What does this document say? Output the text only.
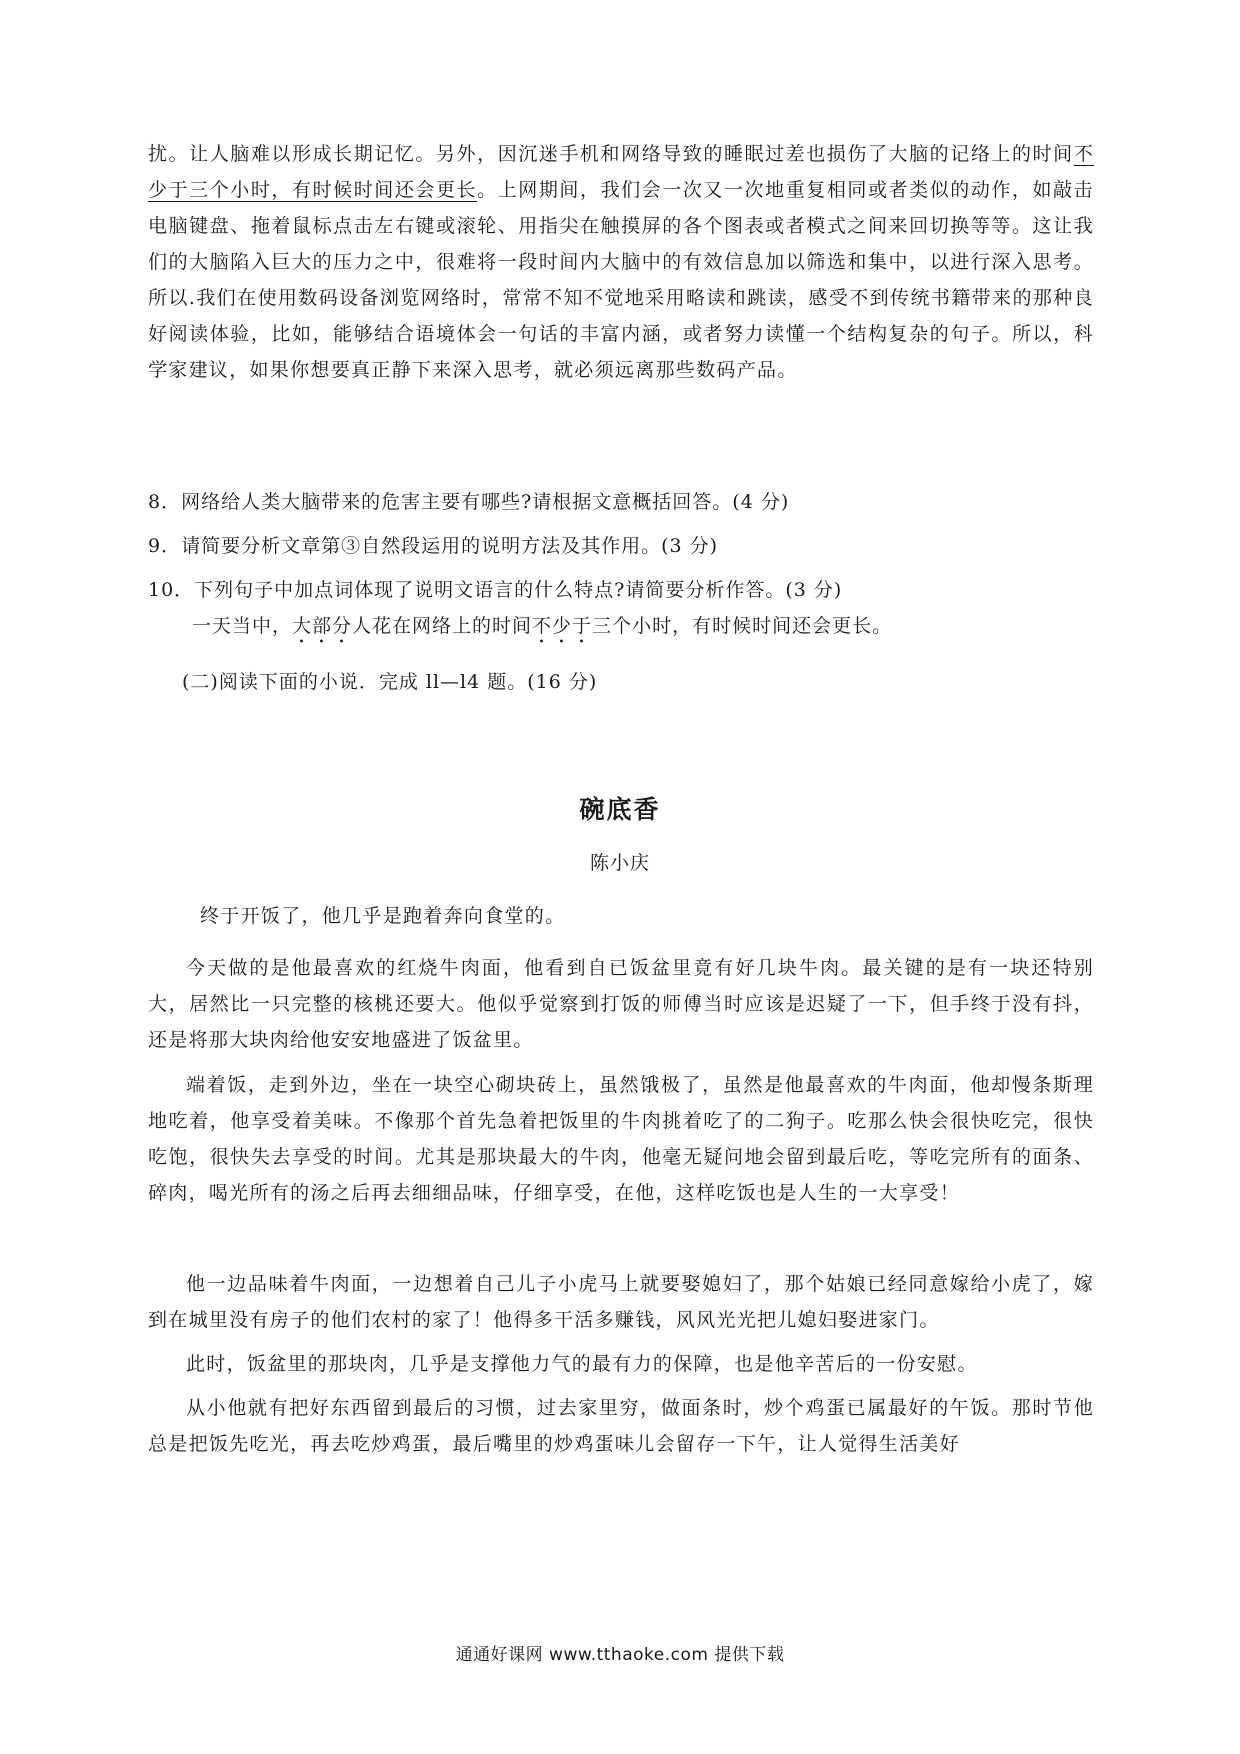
扰。让人脑难以形成长期记忆。另外，因沉迷手机和网络导致的睡眠过差也损伤了大脑的记络上的时间不少于三个小时，有时候时间还会更长。上网期间，我们会一次又一次地重复相同或者类似的动作，如敲击电脑键盘、拖着鼠标点击左右键或滚轮、用指尖在触摸屏的各个图表或者模式之间来回切换等等。这让我们的大脑陷入巨大的压力之中，很难将一段时间内大脑中的有效信息加以筛选和集中，以进行深入思考。所以.我们在使用数码设备浏览网络时，常常不知不觉地采用略读和跳读，感受不到传统书籍带来的那种良好阅读体验，比如，能够结合语境体会一句话的丰富内涵，或者努力读懂一个结构复杂的句子。所以，科学家建议，如果你想要真正静下来深入思考，就必须远离那些数码产品。

8．网络给人类大脑带来的危害主要有哪些?请根据文意概括回答。(4 分)

9．请简要分析文章第③自然段运用的说明方法及其作用。(3 分)

10．下列句子中加点词体现了说明文语言的什么特点?请简要分析作答。(3 分)

一天当中，大部分人花在网络上的时间不少于三个小时，有时候时间还会更长。

(二)阅读下面的小说．完成 ll—l4 题。(16 分)

碗底香

陈小庆

终于开饭了，他几乎是跑着奔向食堂的。

今天做的是他最喜欢的红烧牛肉面，他看到自已饭盆里竟有好几块牛肉。最关键的是有一块还特别大，居然比一只完整的核桃还要大。他似乎觉察到打饭的师傅当时应该是迟疑了一下，但手终于没有抖，还是将那大块肉给他安安地盛进了饭盆里。

端着饭，走到外边，坐在一块空心砌块砖上，虽然饿极了，虽然是他最喜欢的牛肉面，他却慢条斯理地吃着，他享受着美味。不像那个首先急着把饭里的牛肉挑着吃了的二狗子。吃那么快会很快吃完，很快吃饱，很快失去享受的时间。尤其是那块最大的牛肉，他毫无疑问地会留到最后吃，等吃完所有的面条、碎肉，喝光所有的汤之后再去细细品味，仔细享受，在他，这样吃饭也是人生的一大享受！

他一边品味着牛肉面，一边想着自己儿子小虎马上就要娶媳妇了，那个姑娘已经同意嫁给小虎了，嫁到在城里没有房子的他们农村的家了！他得多干活多赚钱，风风光光把儿媳妇娶进家门。

此时，饭盆里的那块肉，几乎是支撑他力气的最有力的保障，也是他辛苦后的一份安慰。

从小他就有把好东西留到最后的习惯，过去家里穷，做面条时，炒个鸡蛋已属最好的午饭。那时节他总是把饭先吃光，再去吃炒鸡蛋，最后嘴里的炒鸡蛋味儿会留存一下午，让人觉得生活美好

通通好课网 www.tthaoke.com 提供下载
